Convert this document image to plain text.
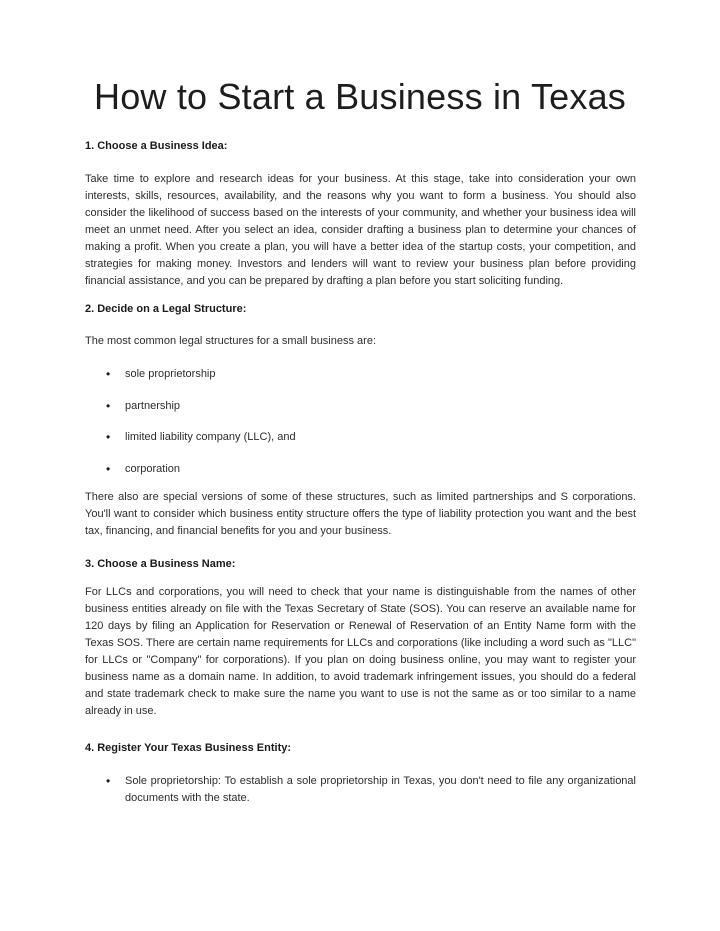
How to Start a Business in Texas
1. Choose a Business Idea:

Take time to explore and research ideas for your business. At this stage, take into consideration your own interests, skills, resources, availability, and the reasons why you want to form a business. You should also consider the likelihood of success based on the interests of your community, and whether your business idea will meet an unmet need. After you select an idea, consider drafting a business plan to determine your chances of making a profit. When you create a plan, you will have a better idea of the startup costs, your competition, and strategies for making money. Investors and lenders will want to review your business plan before providing financial assistance, and you can be prepared by drafting a plan before you start soliciting funding.

2. Decide on a Legal Structure:

The most common legal structures for a small business are:

• sole proprietorship
• partnership
• limited liability company (LLC), and
• corporation

There also are special versions of some of these structures, such as limited partnerships and S corporations. You'll want to consider which business entity structure offers the type of liability protection you want and the best tax, financing, and financial benefits for you and your business.

3. Choose a Business Name:

For LLCs and corporations, you will need to check that your name is distinguishable from the names of other business entities already on file with the Texas Secretary of State (SOS). You can reserve an available name for 120 days by filing an Application for Reservation or Renewal of Reservation of an Entity Name form with the Texas SOS. There are certain name requirements for LLCs and corporations (like including a word such as "LLC" for LLCs or "Company" for corporations). If you plan on doing business online, you may want to register your business name as a domain name. In addition, to avoid trademark infringement issues, you should do a federal and state trademark check to make sure the name you want to use is not the same as or too similar to a name already in use.

4. Register Your Texas Business Entity:
• Sole proprietorship: To establish a sole proprietorship in Texas, you don't need to file any organizational documents with the state.
